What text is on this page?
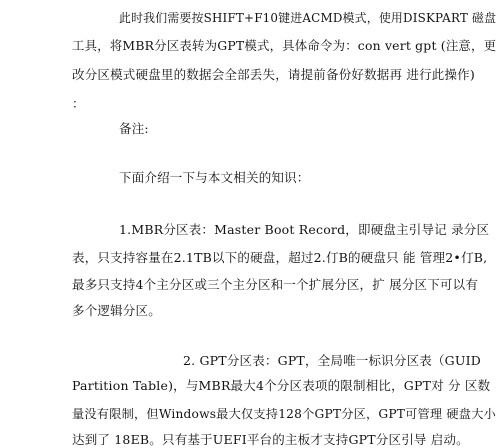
此时我们需要按SHIFT+F10键进ACMD模式，使用DISKPART 磁盘
工具，将MBR分区表转为GPT模式，具体命令为：con vert gpt (注意，更
改分区模式硬盘里的数据会全部丢失，请提前备份好数据再 进行此操作)
：
备注:
下面介绍一下与本文相关的知识：
1.MBR分区表：Master Boot Record，即硬盘主引导记 录分区
表，只支持容量在2.1TB以下的硬盘，超过2.仃B的硬盘只 能 管理2•仃B,
最多只支持4个主分区或三个主分区和一个扩展分区，扩 展分区下可以有
多个逻辑分区。
2. GPT分区表：GPT，全局唯一标识分区表（GUID
Partition Table)，与MBR最大4个分区表项的限制相比，GPT对 分 区数
量没有限制，但Windows最大仅支持128个GPT分区，GPT可管理 硬盘大小
达到了 18EB。只有基于UEFI平台的主板才支持GPT分区引导 启动。
